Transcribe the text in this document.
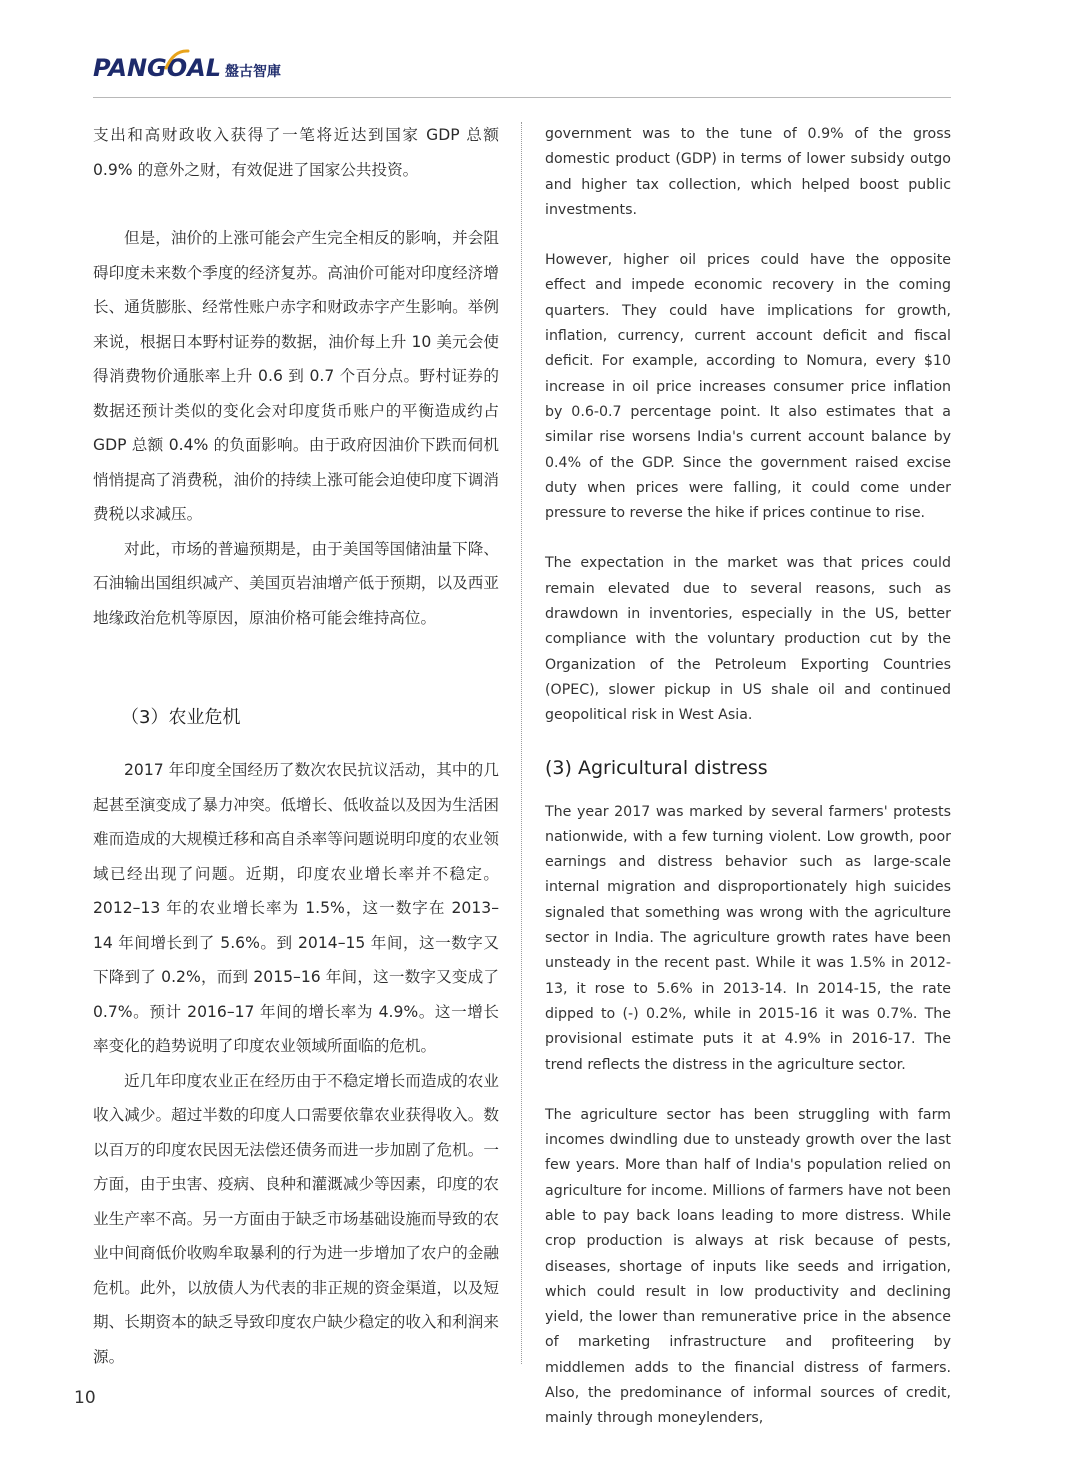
PANGOAL 盤古智庫

支出和高财政收入获得了一笔将近达到国家 GDP 总额 0.9% 的意外之财，有效促进了国家公共投资。

但是，油价的上涨可能会产生完全相反的影响，并会阻碍印度未来数个季度的经济复苏。高油价可能对印度经济增长、通货膨胀、经常性账户赤字和财政赤字产生影响。举例来说，根据日本野村证券的数据，油价每上升 10 美元会使得消费物价通胀率上升 0.6 到 0.7 个百分点。野村证券的数据还预计类似的变化会对印度货币账户的平衡造成约占 GDP 总额 0.4% 的负面影响。由于政府因油价下跌而伺机悄悄提高了消费税，油价的持续上涨可能会迫使印度下调消费税以求减压。

对此，市场的普遍预期是，由于美国等国储油量下降、石油输出国组织减产、美国页岩油增产低于预期，以及西亚地缘政治危机等原因，原油价格可能会维持高位。

（3）农业危机

2017 年印度全国经历了数次农民抗议活动，其中的几起甚至演变成了暴力冲突。低增长、低收益以及因为生活困难而造成的大规模迁移和高自杀率等问题说明印度的农业领域已经出现了问题。近期，印度农业增长率并不稳定。2012–13 年的农业增长率为 1.5%，这一数字在 2013–14 年间增长到了 5.6%。到 2014–15 年间，这一数字又下降到了 0.2%，而到 2015–16 年间，这一数字又变成了 0.7%。预计 2016–17 年间的增长率为 4.9%。这一增长率变化的趋势说明了印度农业领域所面临的危机。

近几年印度农业正在经历由于不稳定增长而造成的农业收入减少。超过半数的印度人口需要依靠农业获得收入。数以百万的印度农民因无法偿还债务而进一步加剧了危机。一方面，由于虫害、疫病、良种和灌溉减少等因素，印度的农业生产率不高。另一方面由于缺乏市场基础设施而导致的农业中间商低价收购牟取暴利的行为进一步增加了农户的金融危机。此外，以放债人为代表的非正规的资金渠道，以及短期、长期资本的缺乏导致印度农户缺少稳定的收入和利润来源。

government was to the tune of 0.9% of the gross domestic product (GDP) in terms of lower subsidy outgo and higher tax collection, which helped boost public investments.

However, higher oil prices could have the opposite effect and impede economic recovery in the coming quarters. They could have implications for growth, inflation, currency, current account deficit and fiscal deficit. For example, according to Nomura, every $10 increase in oil price increases consumer price inflation by 0.6-0.7 percentage point. It also estimates that a similar rise worsens India's current account balance by 0.4% of the GDP. Since the government raised excise duty when prices were falling, it could come under pressure to reverse the hike if prices continue to rise.

The expectation in the market was that prices could remain elevated due to several reasons, such as drawdown in inventories, especially in the US, better compliance with the voluntary production cut by the Organization of the Petroleum Exporting Countries (OPEC), slower pickup in US shale oil and continued geopolitical risk in West Asia.

(3) Agricultural distress

The year 2017 was marked by several farmers' protests nationwide, with a few turning violent. Low growth, poor earnings and distress behavior such as large-scale internal migration and disproportionately high suicides signaled that something was wrong with the agriculture sector in India. The agriculture growth rates have been unsteady in the recent past. While it was 1.5% in 2012-13, it rose to 5.6% in 2013-14. In 2014-15, the rate dipped to (-) 0.2%, while in 2015-16 it was 0.7%. The provisional estimate puts it at 4.9% in 2016-17. The trend reflects the distress in the agriculture sector.

The agriculture sector has been struggling with farm incomes dwindling due to unsteady growth over the last few years. More than half of India's population relied on agriculture for income. Millions of farmers have not been able to pay back loans leading to more distress. While crop production is always at risk because of pests, diseases, shortage of inputs like seeds and irrigation, which could result in low productivity and declining yield, the lower than remunerative price in the absence of marketing infrastructure and profiteering by middlemen adds to the financial distress of farmers. Also, the predominance of informal sources of credit, mainly through moneylenders,

10
